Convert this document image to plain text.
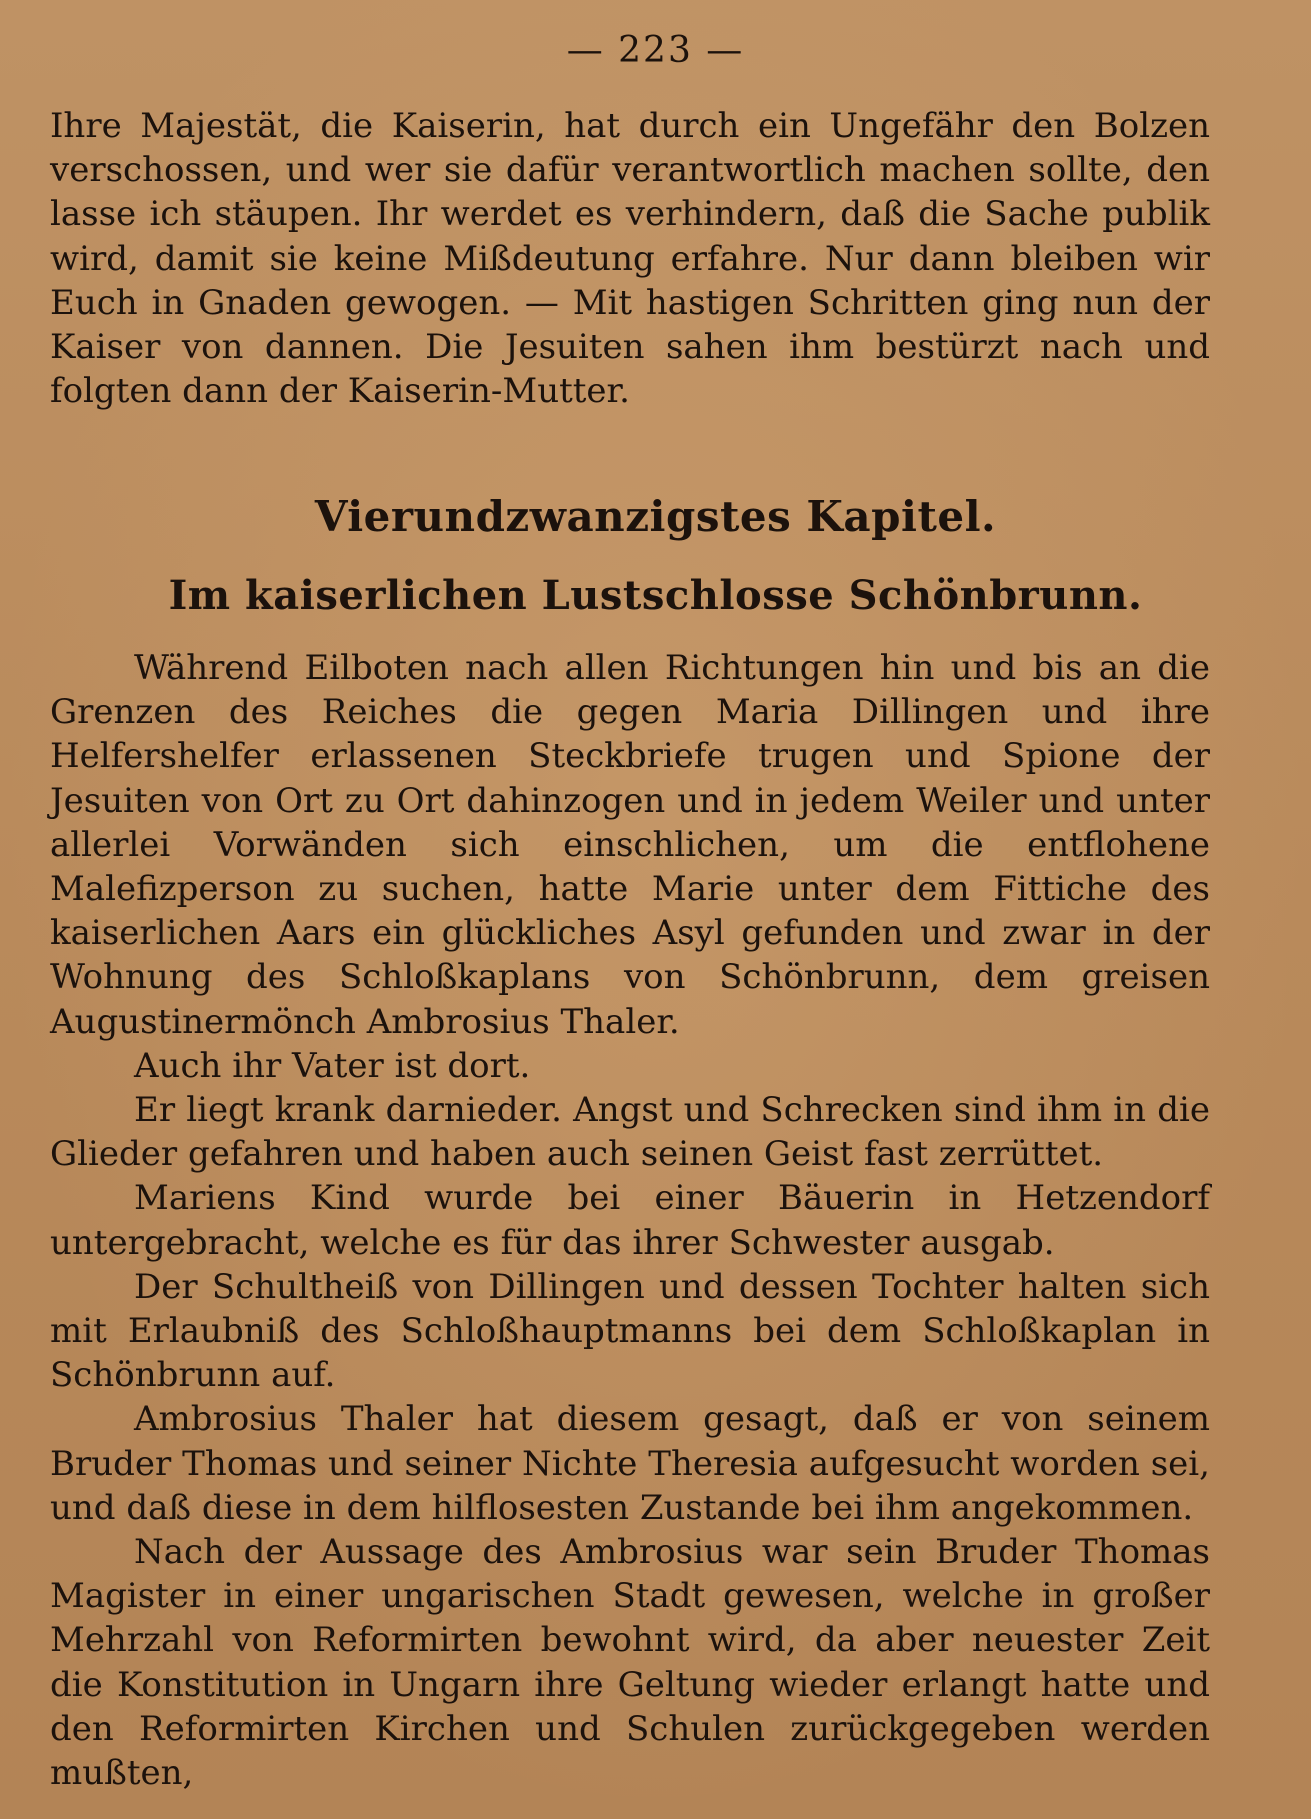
— 223 —

Ihre Majestät, die Kaiserin, hat durch ein Ungefähr den Bolzen verschossen, und wer sie dafür verantwortlich machen sollte, den lasse ich stäupen. Ihr werdet es verhindern, daß die Sache publik wird, damit sie keine Mißdeutung erfahre. Nur dann bleiben wir Euch in Gnaden gewogen. — Mit hastigen Schritten ging nun der Kaiser von dannen. Die Jesuiten sahen ihm bestürzt nach und folgten dann der Kaiserin-Mutter.

Vierundzwanzigstes Kapitel.
Im kaiserlichen Lustschlosse Schönbrunn.

Während Eilboten nach allen Richtungen hin und bis an die Grenzen des Reiches die gegen Maria Dillingen und ihre Helfershelfer erlassenen Steckbriefe trugen und Spione der Jesuiten von Ort zu Ort dahinzogen und in jedem Weiler und unter allerlei Vorwänden sich einschlichen, um die entflohene Malefizperson zu suchen, hatte Marie unter dem Fittiche des kaiserlichen Aars ein glückliches Asyl gefunden und zwar in der Wohnung des Schloßkaplans von Schönbrunn, dem greisen Augustinermönch Ambrosius Thaler.

Auch ihr Vater ist dort.

Er liegt krank darnieder. Angst und Schrecken sind ihm in die Glieder gefahren und haben auch seinen Geist fast zerrüttet.

Mariens Kind wurde bei einer Bäuerin in Hetzendorf untergebracht, welche es für das ihrer Schwester ausgab.

Der Schultheiß von Dillingen und dessen Tochter halten sich mit Erlaubniß des Schloßhauptmanns bei dem Schloßkaplan in Schönbrunn auf.

Ambrosius Thaler hat diesem gesagt, daß er von seinem Bruder Thomas und seiner Nichte Theresia aufgesucht worden sei, und daß diese in dem hilflosesten Zustande bei ihm angekommen.

Nach der Aussage des Ambrosius war sein Bruder Thomas Magister in einer ungarischen Stadt gewesen, welche in großer Mehrzahl von Reformirten bewohnt wird, da aber neuester Zeit die Konstitution in Ungarn ihre Geltung wieder erlangt hatte und den Reformirten Kirchen und Schulen zurückgegeben werden mußten,
